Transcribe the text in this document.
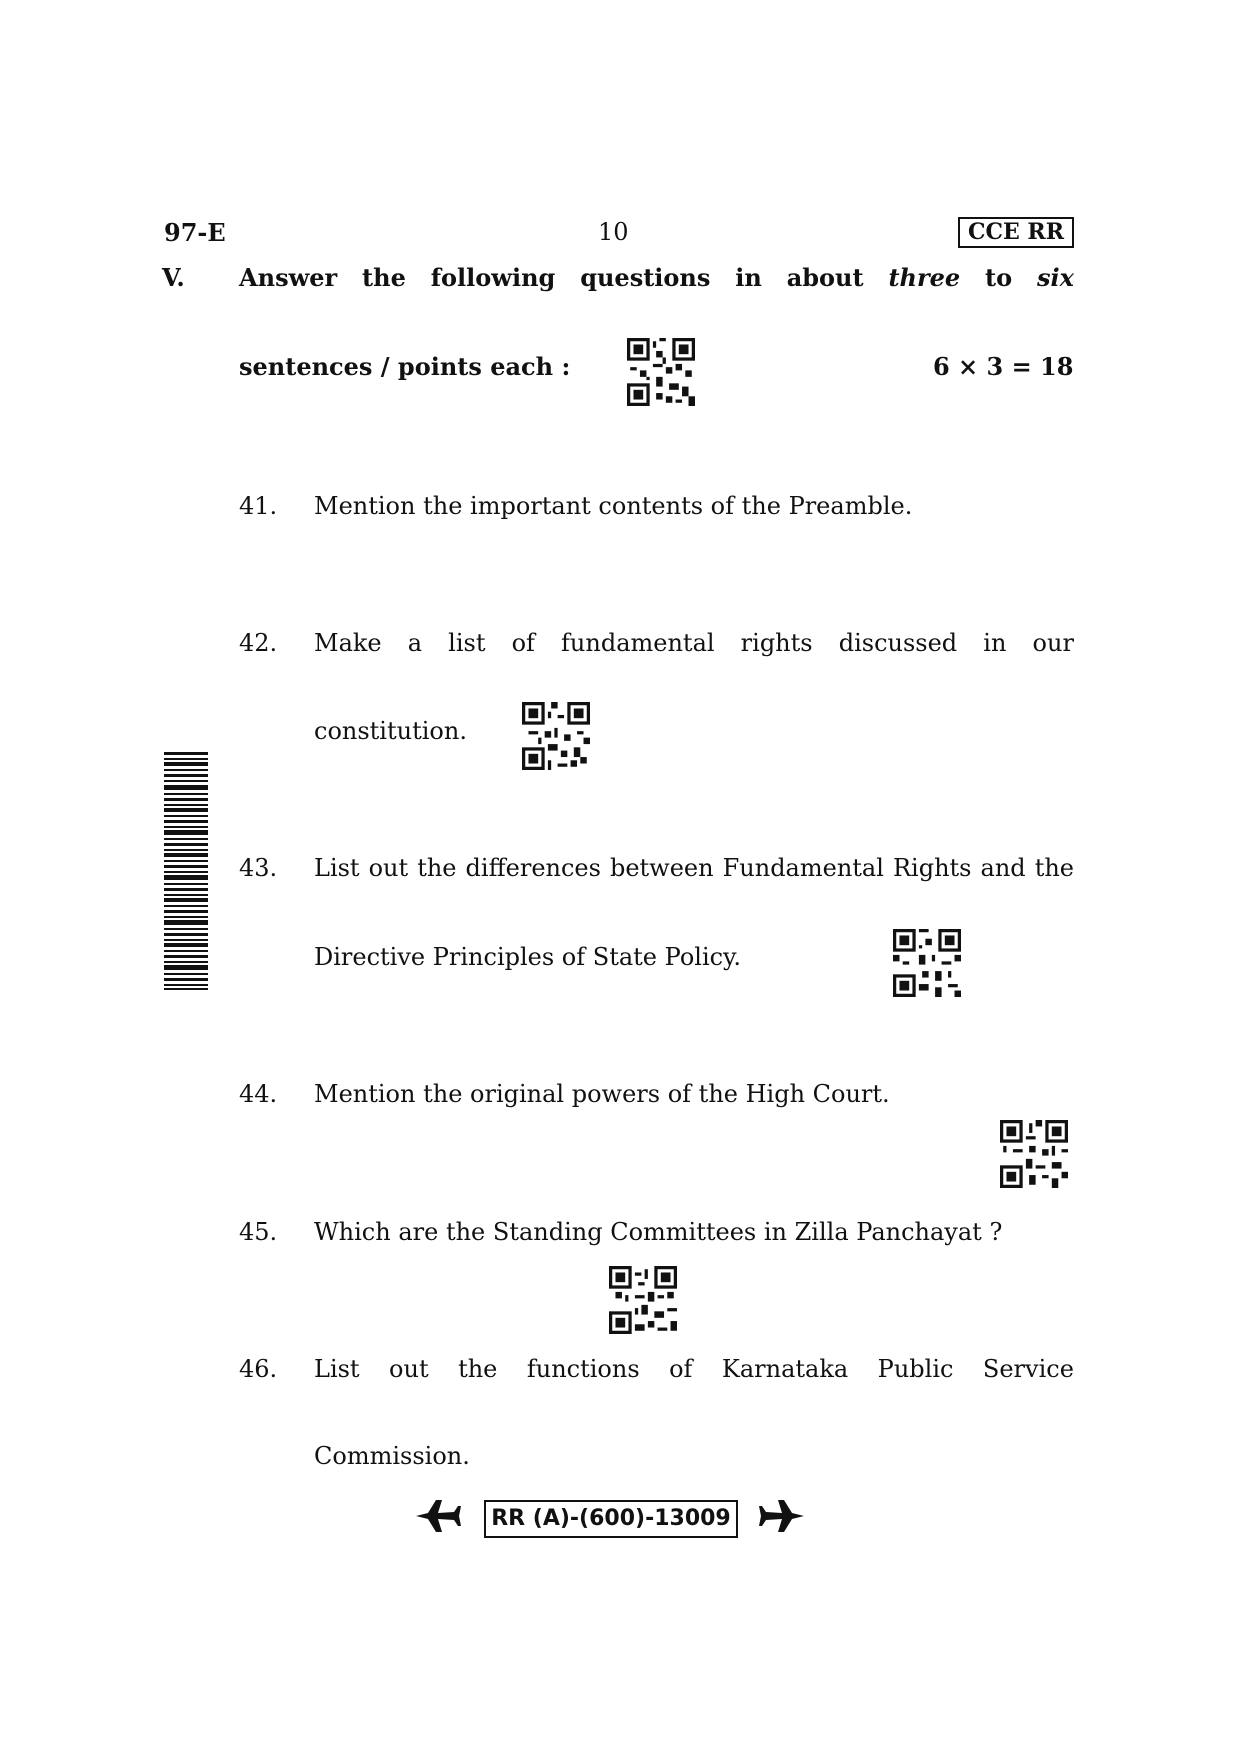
97-E	10	CCE RR
V. Answer the following questions in about three to six
sentences / points each :	6 × 3 = 18
41. Mention the important contents of the Preamble.
42. Make a list of fundamental rights discussed in our
constitution.
43. List out the differences between Fundamental Rights and the
Directive Principles of State Policy.
44. Mention the original powers of the High Court.
45. Which are the Standing Committees in Zilla Panchayat ?
46. List out the functions of Karnataka Public Service
Commission.
RR (A)-(600)-13009
